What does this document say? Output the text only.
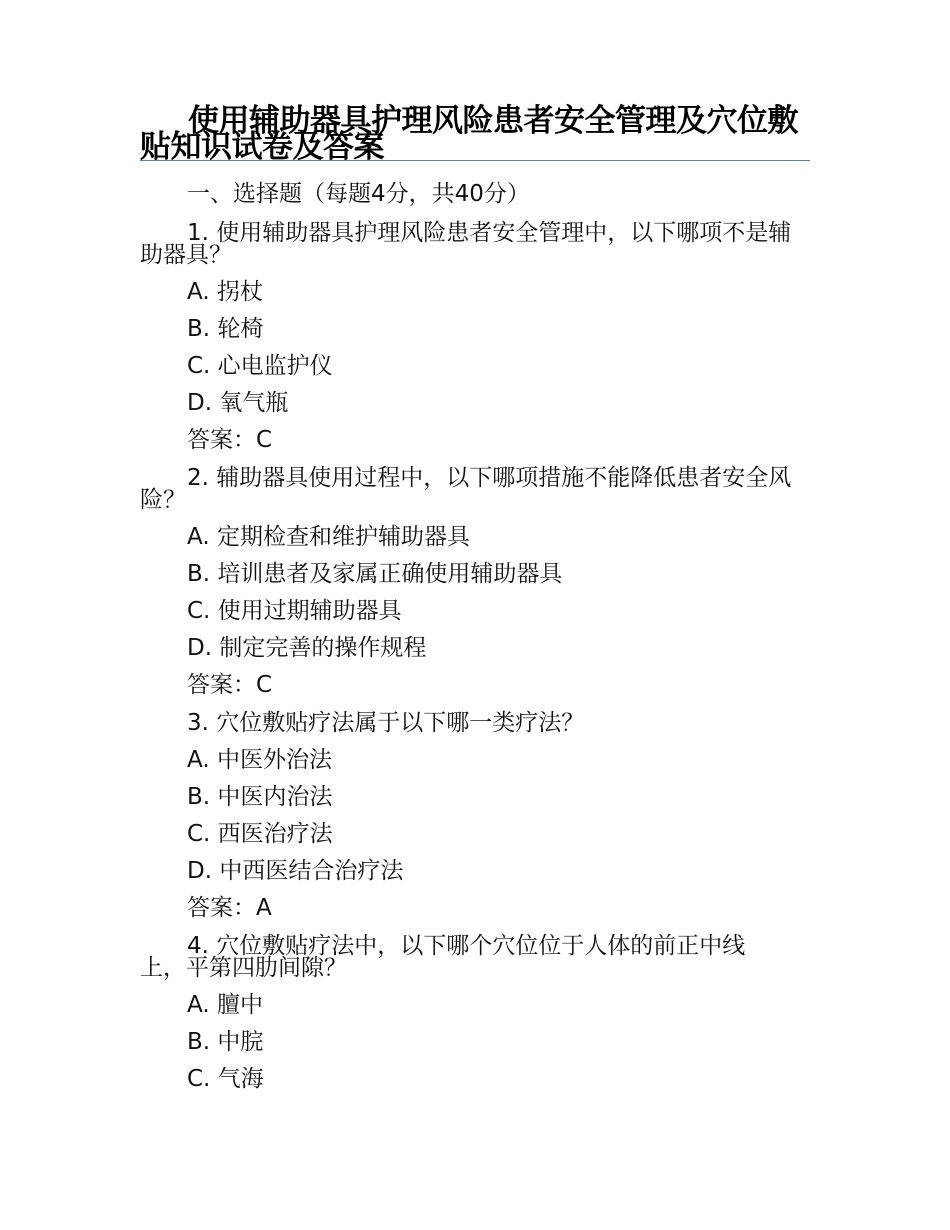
使用辅助器具护理风险患者安全管理及穴位敷贴知识试卷及答案
一、选择题（每题4分，共40分）
1. 使用辅助器具护理风险患者安全管理中，以下哪项不是辅助器具？
A. 拐杖
B. 轮椅
C. 心电监护仪
D. 氧气瓶
答案：C
2. 辅助器具使用过程中，以下哪项措施不能降低患者安全风险？
A. 定期检查和维护辅助器具
B. 培训患者及家属正确使用辅助器具
C. 使用过期辅助器具
D. 制定完善的操作规程
答案：C
3. 穴位敷贴疗法属于以下哪一类疗法？
A. 中医外治法
B. 中医内治法
C. 西医治疗法
D. 中西医结合治疗法
答案：A
4. 穴位敷贴疗法中，以下哪个穴位位于人体的前正中线上，平第四肋间隙？
A. 膻中
B. 中脘
C. 气海
